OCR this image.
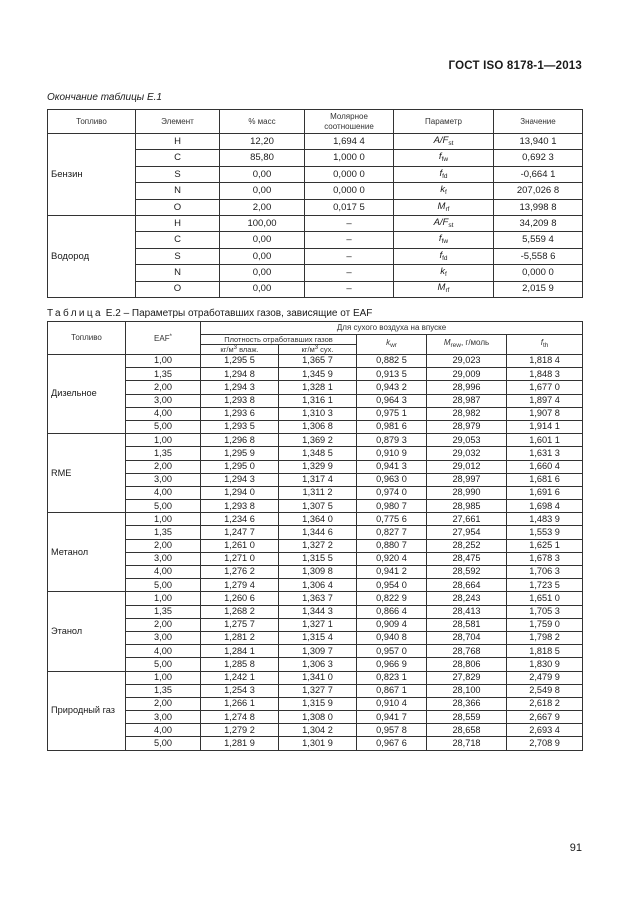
ГОСТ ISO 8178-1—2013
Окончание таблицы Е.1
Топливо	Элемент	% масс	Молярное соотношение	Параметр	Значение
Бензин	H	12,20	1,694 4	$A/F_{st}$	13,940 1
	C	85,80	1,000 0	$f_{fw}$	0,692 3
	S	0,00	0,000 0	$f_{fd}$	-0,664 1
	N	0,00	0,000 0	$k_f$	207,026 8
	O	2,00	0,017 5	$M_{rf}$	13,998 8
Водород	H	100,00	–	$A/F_{st}$	34,209 8
	C	0,00	–	$f_{fw}$	5,559 4
	S	0,00	–	$f_{fd}$	-5,558 6
	N	0,00	–	$k_f$	0,000 0
	O	0,00	–	$M_{rf}$	2,015 9
Таблица Е.2 – Параметры отработавших газов, зависящие от EAF
Топливо	EAF*	Для сухого воздуха на впуске				
		Плотность отработавших газов		$k_{wr}$	$M_{rew}$, г/моль	$f_{th}$
		$кг/м^3$ влаж.	$кг/м^3$ сух.			
Дизельное	1,00	1,295 5	1,365 7	0,882 5	29,023	1,818 4
	1,35	1,294 8	1,345 9	0,913 5	29,009	1,848 3
	2,00	1,294 3	1,328 1	0,943 2	28,996	1,677 0
	3,00	1,293 8	1,316 1	0,964 3	28,987	1,897 4
	4,00	1,293 6	1,310 3	0,975 1	28,982	1,907 8
	5,00	1,293 5	1,306 8	0,981 6	28,979	1,914 1
RME	1,00	1,296 8	1,369 2	0,879 3	29,053	1,601 1
	1,35	1,295 9	1,348 5	0,910 9	29,032	1,631 3
	2,00	1,295 0	1,329 9	0,941 3	29,012	1,660 4
	3,00	1,294 3	1,317 4	0,963 0	28,997	1,681 6
	4,00	1,294 0	1,311 2	0,974 0	28,990	1,691 6
	5,00	1,293 8	1,307 5	0,980 7	28,985	1,698 4
Метанол	1,00	1,234 6	1,364 0	0,775 6	27,661	1,483 9
	1,35	1,247 7	1,344 6	0,827 7	27,954	1,553 9
	2,00	1,261 0	1,327 2	0,880 7	28,252	1,625 1
	3,00	1,271 0	1,315 5	0,920 4	28,475	1,678 3
	4,00	1,276 2	1,309 8	0,941 2	28,592	1,706 3
	5,00	1,279 4	1,306 4	0,954 0	28,664	1,723 5
Этанол	1,00	1,260 6	1,363 7	0,822 9	28,243	1,651 0
	1,35	1,268 2	1,344 3	0,866 4	28,413	1,705 3
	2,00	1,275 7	1,327 1	0,909 4	28,581	1,759 0
	3,00	1,281 2	1,315 4	0,940 8	28,704	1,798 2
	4,00	1,284 1	1,309 7	0,957 0	28,768	1,818 5
	5,00	1,285 8	1,306 3	0,966 9	28,806	1,830 9
Природный газ	1,00	1,242 1	1,341 0	0,823 1	27,829	2,479 9
	1,35	1,254 3	1,327 7	0,867 1	28,100	2,549 8
	2,00	1,266 1	1,315 9	0,910 4	28,366	2,618 2
	3,00	1,274 8	1,308 0	0,941 7	28,559	2,667 9
	4,00	1,279 2	1,304 2	0,957 8	28,658	2,693 4
	5,00	1,281 9	1,301 9	0,967 6	28,718	2,708 9
91
